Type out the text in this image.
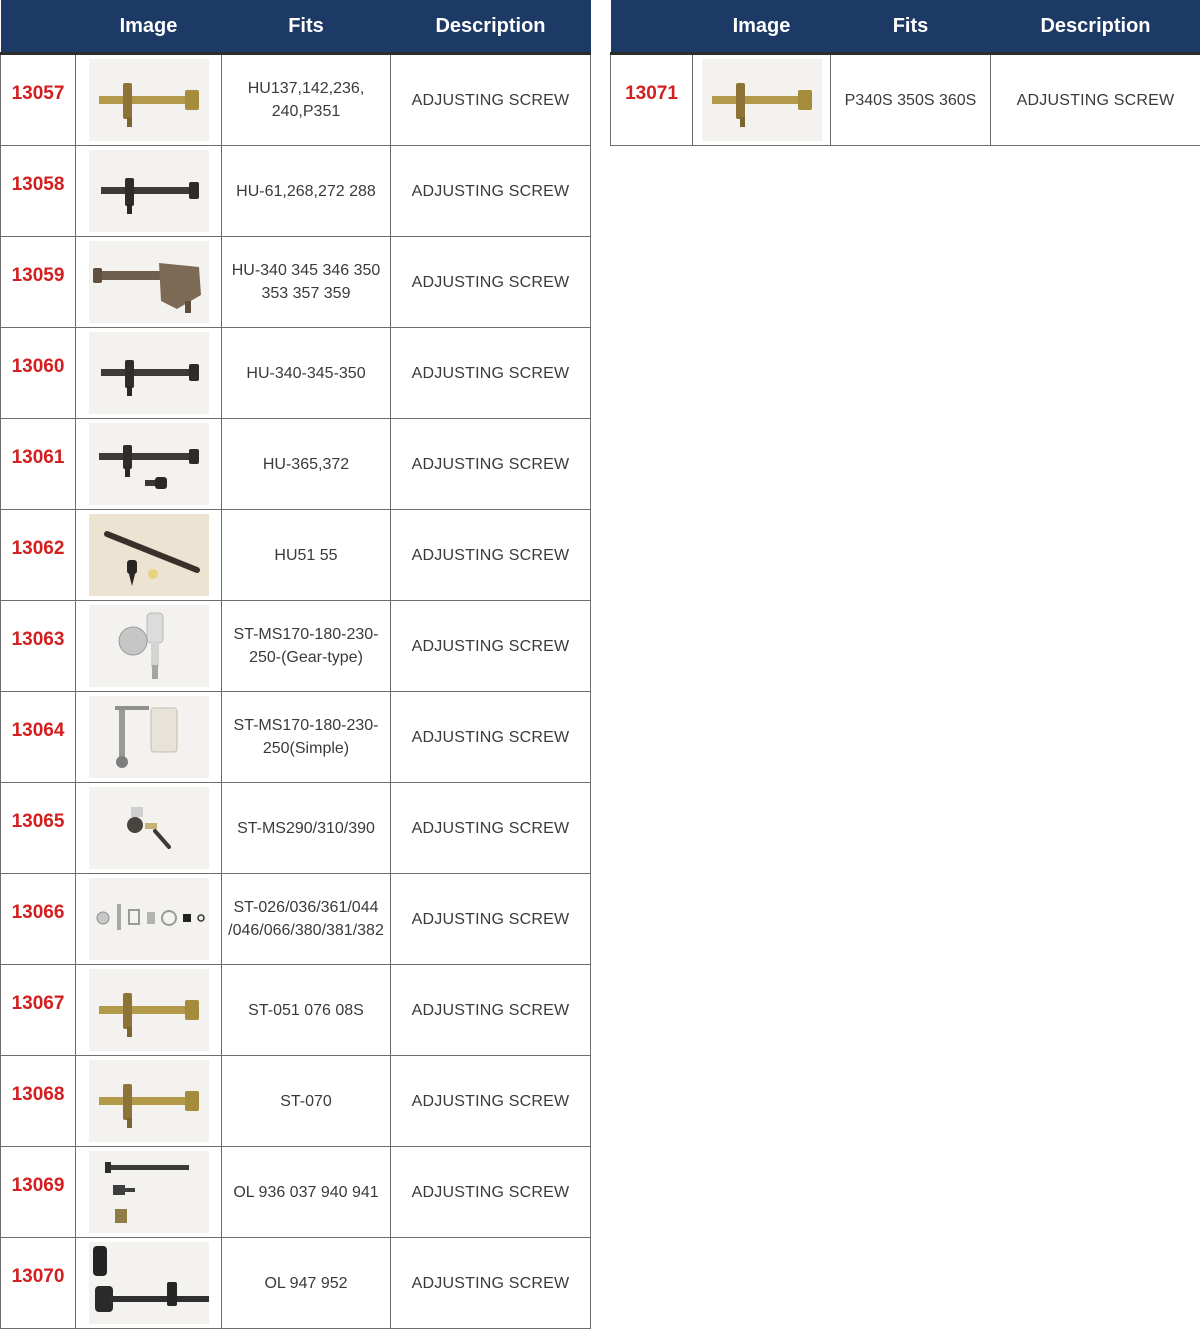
	Image	Fits	Description
13057		HU137,142,236, 240,P351	ADJUSTING SCREW
13058		HU-61,268,272 288	ADJUSTING SCREW
13059		HU-340 345 346 350 353 357 359	ADJUSTING SCREW
13060		HU-340-345-350	ADJUSTING SCREW
13061		HU-365,372	ADJUSTING SCREW
13062		HU51 55	ADJUSTING SCREW
13063		ST-MS170-180-230-250-(Gear-type)	ADJUSTING SCREW
13064		ST-MS170-180-230-250(Simple)	ADJUSTING SCREW
13065		ST-MS290/310/390	ADJUSTING SCREW
13066		ST-026/036/361/044 /046/066/380/381/382	ADJUSTING SCREW
13067		ST-051 076 08S	ADJUSTING SCREW
13068		ST-070	ADJUSTING SCREW
13069		OL 936 037 940 941	ADJUSTING SCREW
13070		OL 947 952	ADJUSTING SCREW
	Image	Fits	Description
13071		P340S 350S 360S	ADJUSTING SCREW
